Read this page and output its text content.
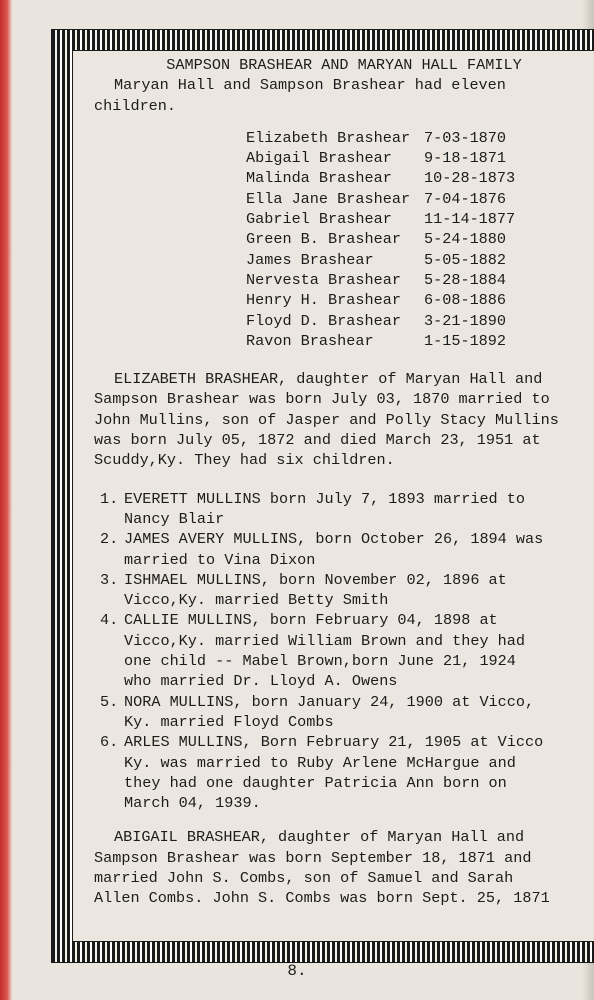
SAMPSON BRASHEAR AND MARYAN HALL FAMILY

Maryan Hall and Sampson Brashear had eleven

children.

Elizabeth Brashear 7-03-1870
Abigail Brashear 9-18-1871
Malinda Brashear 10-28-1873
Ella Jane Brashear 7-04-1876
Gabriel Brashear 11-14-1877
Green B. Brashear 5-24-1880
James Brashear	5-05-1882
Nervesta Brashear 5-28-1884
Henry H. Brashear 6-08-1886
Floyd D. Brashear 3-21-1890
Ravon Brashear	1-15-1892

ELIZABETH BRASHEAR, daughter of Maryan Hall and

Sampson Brashear was born July 03, 1870 married to

John Mullins, son of Jasper and Polly Stacy Mullins

was born July 05, 1872 and died March 23, 1951 at

Scuddy,Ky. They had six children.

1. EVERETT MULLINS born July 7, 1893 married to

Nancy Blair

2. JAMES AVERY MULLINS, born October 26, 1894 was

married to Vina Dixon

3. ISHMAEL MULLINS, born November 02, 1896 at

Vicco,Ky. married Betty Smith

4. CALLIE MULLINS, born February 04, 1898 at

Vicco,Ky. married William Brown and they had

one child -- Mabel Brown,born June 21, 1924

who married Dr. Lloyd A. Owens

5. NORA MULLINS, born January 24, 1900 at Vicco,

Ky. married Floyd Combs

6. ARLES MULLINS, Born February 21, 1905 at Vicco

Ky. was married to Ruby Arlene McHargue and

they had one daughter Patricia Ann born on

March 04, 1939.

ABIGAIL BRASHEAR, daughter of Maryan Hall and

Sampson Brashear was born September 18, 1871 and

married John S. Combs, son of Samuel and Sarah

Allen Combs. John S. Combs was born Sept. 25, 1871

8.
